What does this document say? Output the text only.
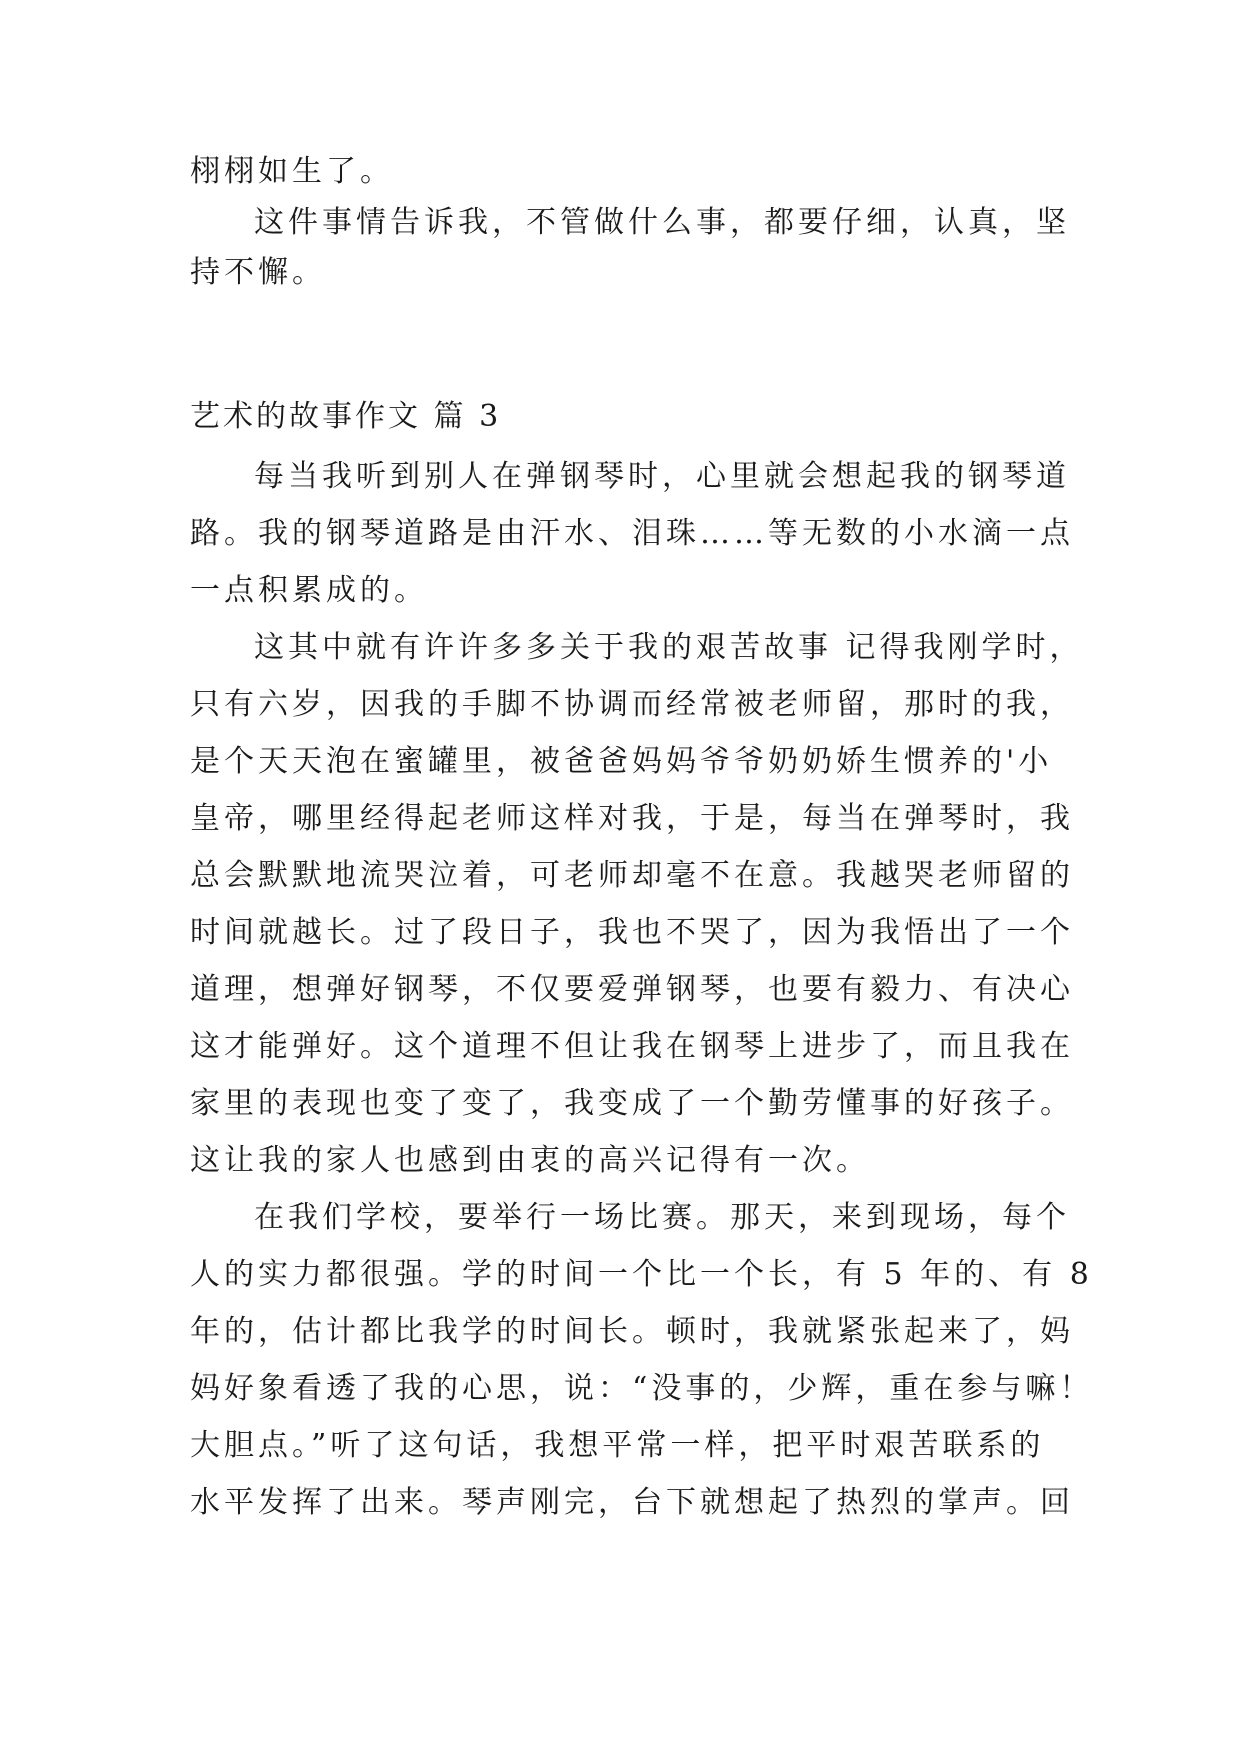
栩栩如生了。
这件事情告诉我，不管做什么事，都要仔细，认真，坚
持不懈。
艺术的故事作文 篇 3
每当我听到别人在弹钢琴时，心里就会想起我的钢琴道
路。我的钢琴道路是由汗水、泪珠……等无数的小水滴一点
一点积累成的。
这其中就有许许多多关于我的艰苦故事 记得我刚学时，
只有六岁，因我的手脚不协调而经常被老师留，那时的我，
是个天天泡在蜜罐里，被爸爸妈妈爷爷奶奶娇生惯养的'小
皇帝，哪里经得起老师这样对我，于是，每当在弹琴时，我
总会默默地流哭泣着，可老师却毫不在意。我越哭老师留的
时间就越长。过了段日子，我也不哭了，因为我悟出了一个
道理，想弹好钢琴，不仅要爱弹钢琴，也要有毅力、有决心
这才能弹好。这个道理不但让我在钢琴上进步了，而且我在
家里的表现也变了变了，我变成了一个勤劳懂事的好孩子。
这让我的家人也感到由衷的高兴记得有一次。
在我们学校，要举行一场比赛。那天，来到现场，每个
人的实力都很强。学的时间一个比一个长，有 5 年的、有 8
年的，估计都比我学的时间长。顿时，我就紧张起来了，妈
妈好象看透了我的心思，说：“没事的，少辉，重在参与嘛！
大胆点。”听了这句话，我想平常一样，把平时艰苦联系的
水平发挥了出来。琴声刚完，台下就想起了热烈的掌声。回
